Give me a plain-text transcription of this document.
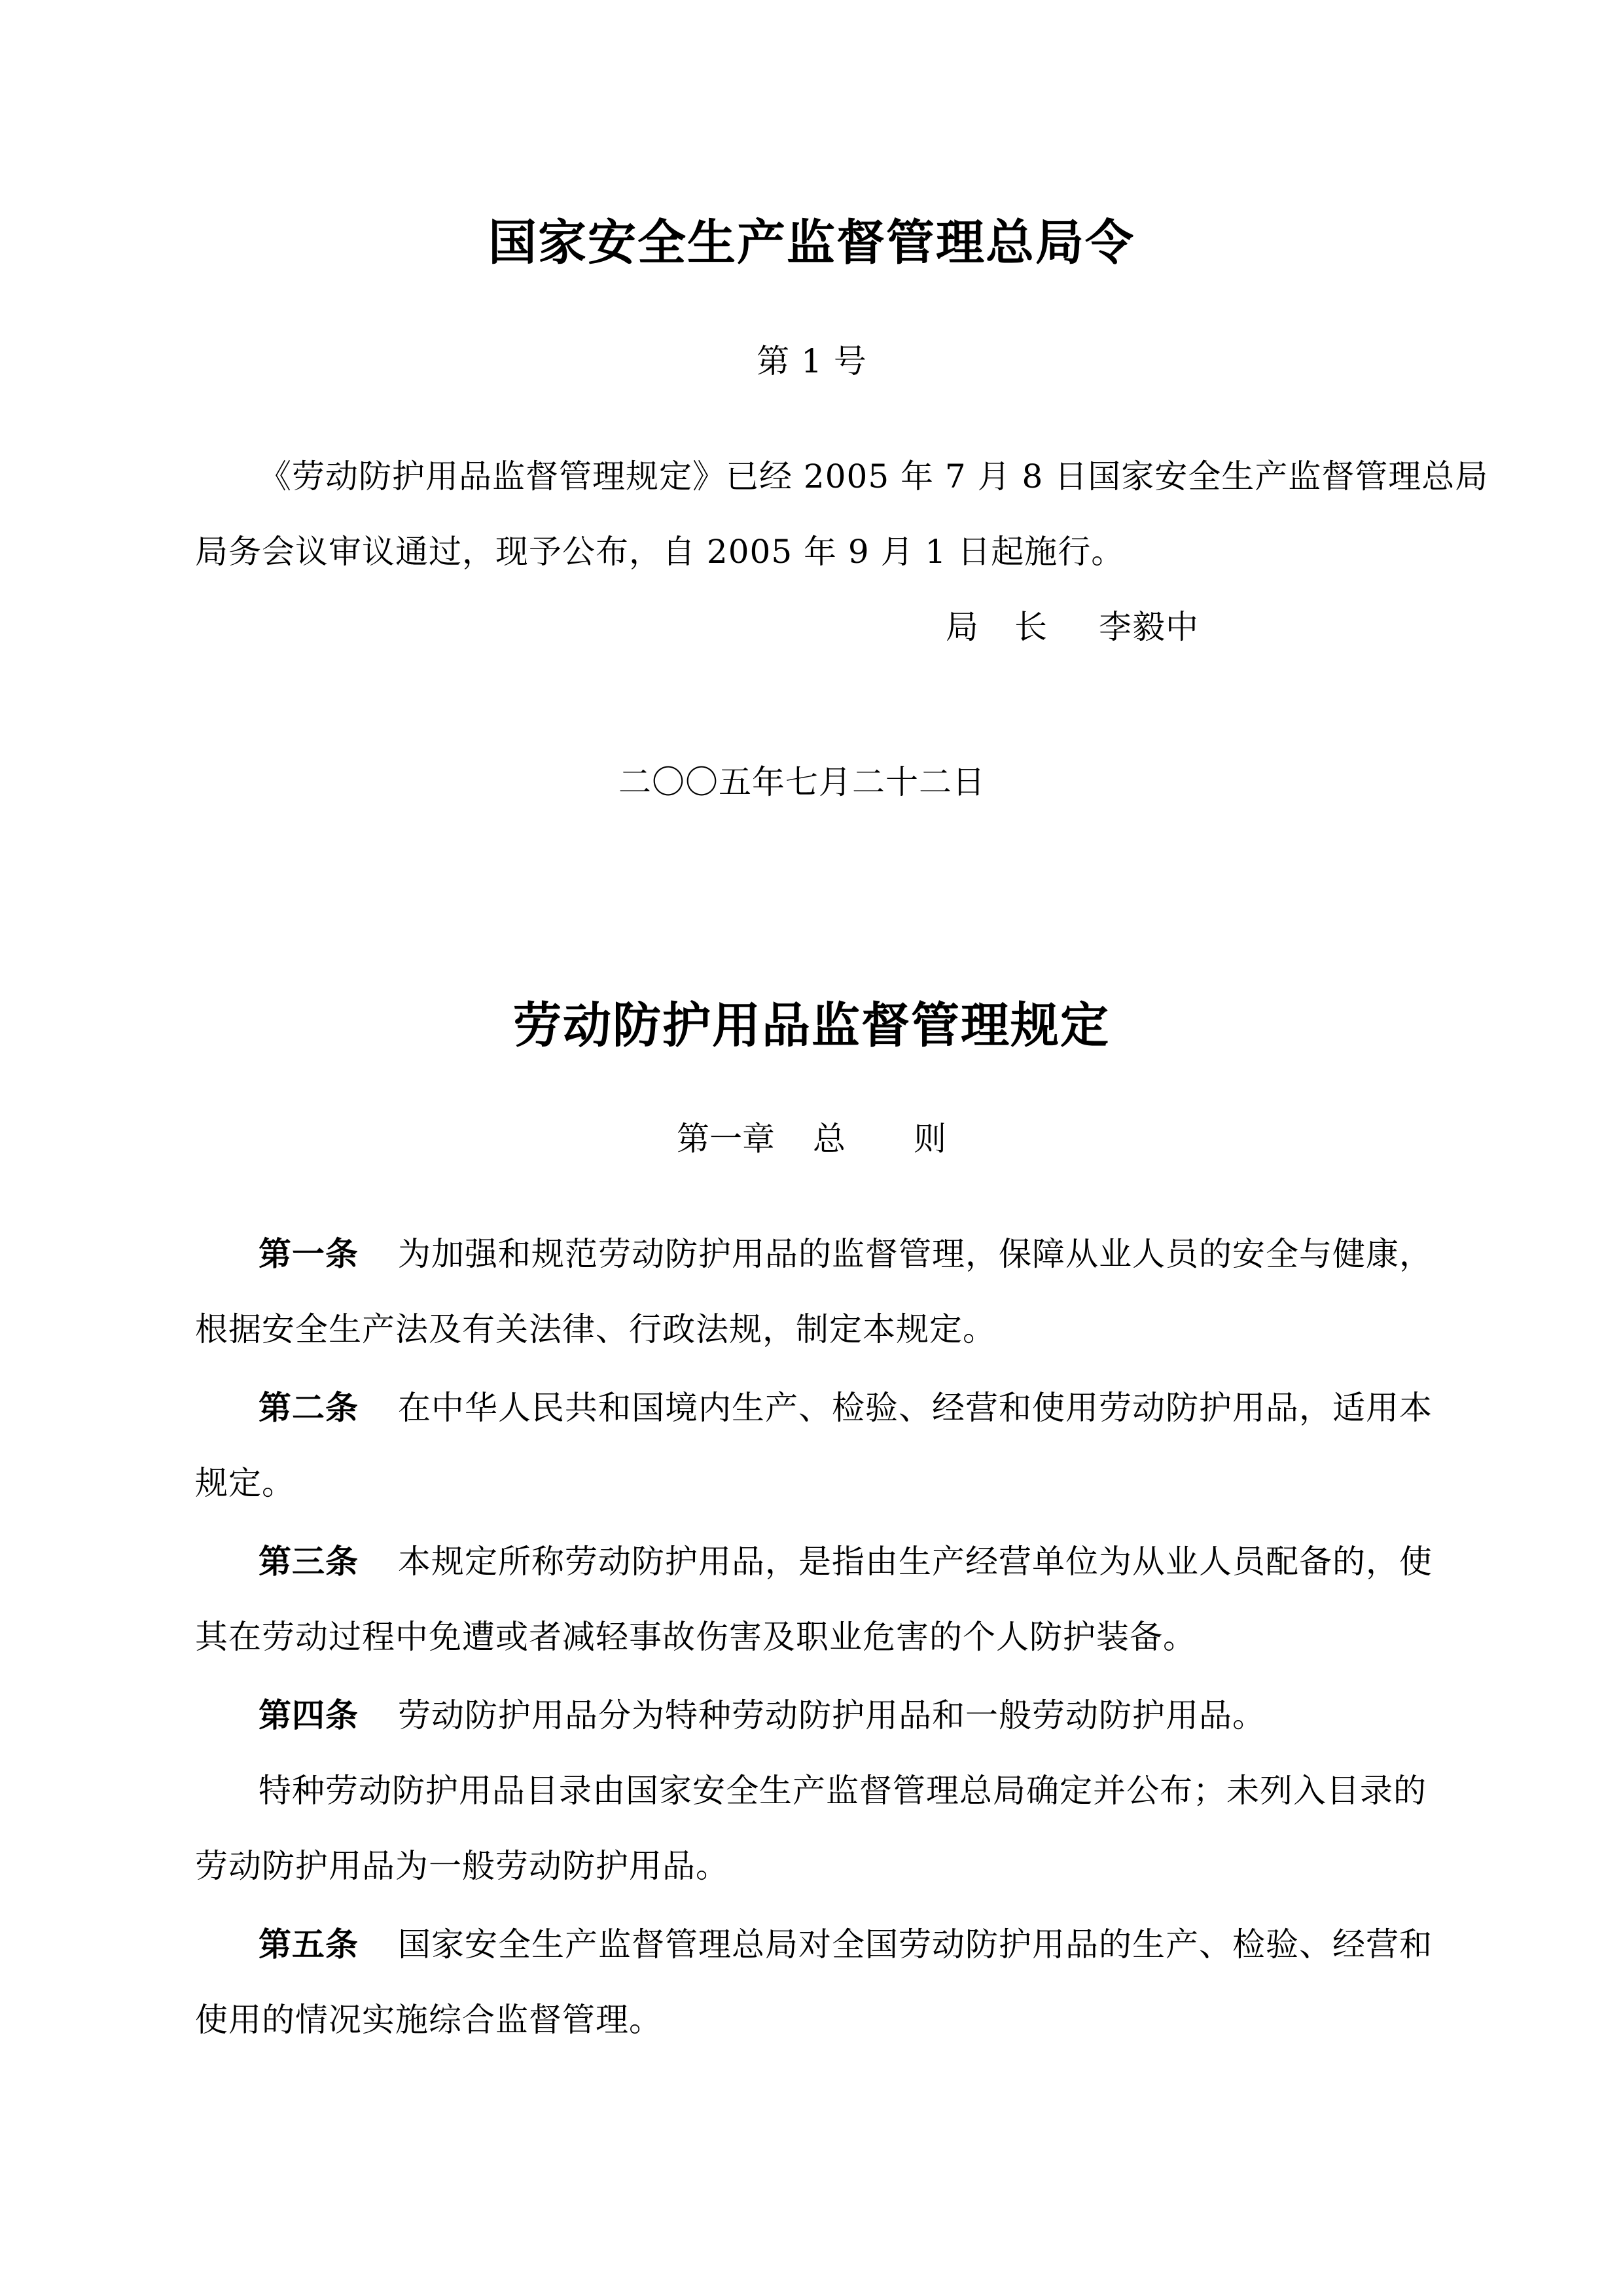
国家安全生产监督管理总局令
第 1 号

《劳动防护用品监督管理规定》已经 2005 年 7 月 8 日国家安全生产监督管理总局

局务会议审议通过，现予公布，自 2005 年 9 月 1 日起施行。

局 长 李毅中

二〇〇五年七月二十二日

劳动防护用品监督管理规定
第一章 总 则

第一条 为加强和规范劳动防护用品的监督管理，保障从业人员的安全与健康，

根据安全生产法及有关法律、行政法规，制定本规定。

第二条 在中华人民共和国境内生产、检验、经营和使用劳动防护用品，适用本

规定。

第三条 本规定所称劳动防护用品，是指由生产经营单位为从业人员配备的，使

其在劳动过程中免遭或者减轻事故伤害及职业危害的个人防护装备。

第四条 劳动防护用品分为特种劳动防护用品和一般劳动防护用品。

特种劳动防护用品目录由国家安全生产监督管理总局确定并公布；未列入目录的

劳动防护用品为一般劳动防护用品。

第五条 国家安全生产监督管理总局对全国劳动防护用品的生产、检验、经营和

使用的情况实施综合监督管理。
